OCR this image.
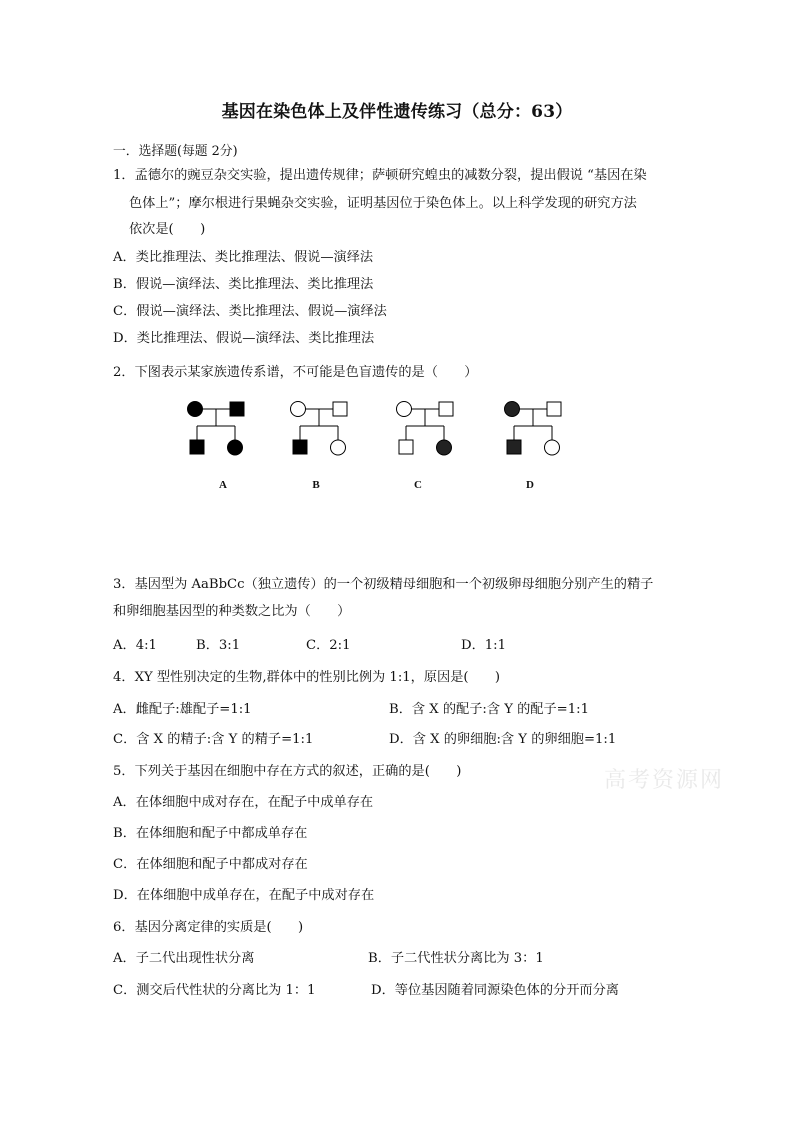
基因在染色体上及伴性遗传练习（总分：63）
一．选择题(每题 2分)
1．孟德尔的豌豆杂交实验，提出遗传规律；萨顿研究蝗虫的减数分裂，提出假说 “基因在染
色体上”；摩尔根进行果蝇杂交实验，证明基因位于染色体上。以上科学发现的研究方法
依次是(　　)
A．类比推理法、类比推理法、假说—演绎法
B．假说—演绎法、类比推理法、类比推理法
C．假说—演绎法、类比推理法、假说—演绎法
D．类比推理法、假说—演绎法、类比推理法
2．下图表示某家族遗传系谱，不可能是色盲遗传的是（　　）
A	B	C	D
3．基因型为 AaBbCc（独立遗传）的一个初级精母细胞和一个初级卵母细胞分别产生的精子
和卵细胞基因型的种类数之比为（　　）
A．4:1	B．3:1	C．2:1	D．1:1
4．XY 型性别决定的生物,群体中的性别比例为 1:1，原因是(　　)
A．雌配子:雄配子=1:1	B．含 X 的配子:含 Y 的配子=1:1
C．含 X 的精子:含 Y 的精子=1:1	D．含 X 的卵细胞:含 Y 的卵细胞=1:1
5．下列关于基因在细胞中存在方式的叙述，正确的是(　　)
A．在体细胞中成对存在，在配子中成单存在
B．在体细胞和配子中都成单存在
C．在体细胞和配子中都成对存在
D．在体细胞中成单存在，在配子中成对存在
6．基因分离定律的实质是(　　)
A．子二代出现性状分离	B．子二代性状分离比为 3：1
C．测交后代性状的分离比为 1：1	D．等位基因随着同源染色体的分开而分离
高考资源网
